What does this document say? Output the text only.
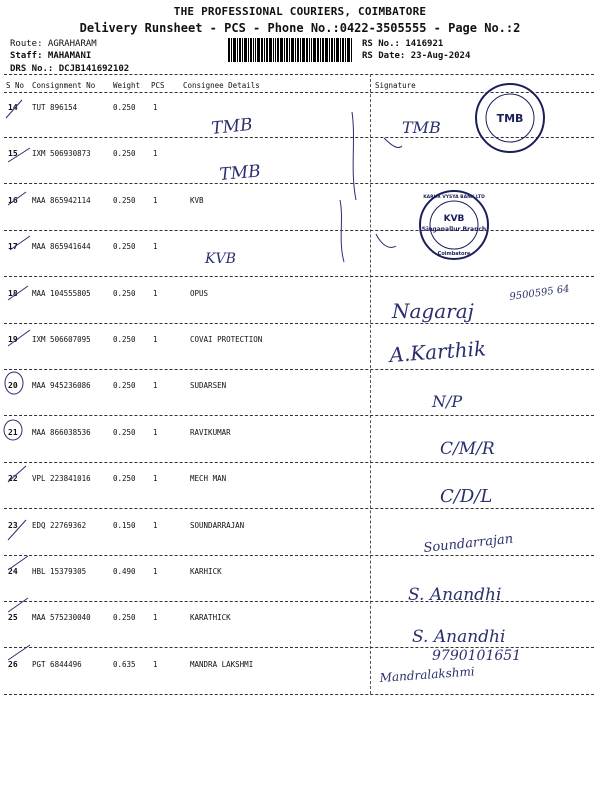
THE PROFESSIONAL COURIERS, COIMBATORE
Delivery Runsheet - PCS - Phone No.:0422-3505555 - Page No.:2
Route: AGRAHARAM
Staff: MAHAMANI
DRS No.: DCJB141692102
RS No.: 1416921
RS Date: 23-Aug-2024
S No Consignment No Weight PCS Consignee Details	Signature
14 TUT 896154	0.250 1
15 IXM 506930873	0.250 1
16 MAA 865942114	0.250 1	KVB
17 MAA 865941644	0.250 1
18 MAA 104555805	0.250 1	OPUS
19 IXM 506607095	0.250 1	COVAI PROTECTION
20 MAA 945236086	0.250 1	SUDARSEN
21 MAA 866038536	0.250 1	RAVIKUMAR
22 VPL 223841016	0.250 1	MECH MAN
23 EDQ 22769362	0.150 1	SOUNDARRAJAN
24 HBL 15379305	0.490 1	KARHICK
25 MAA 575230040	0.250 1	KARATHICK
26 PGT 6844496	0.635 1	MANDRA LAKSHMI
TMB
KARUR VYSYA BANK LTD
KVB
Singanallur Branch
Coimbatore
TMB	TMB
TMB
KVB
Nagaraj
9500595 64
A.Karthik
N/P
C/M/R
C/D/L
Soundarrajan
S. Anandhi
S. Anandhi
9790101651
Mandralakshmi
